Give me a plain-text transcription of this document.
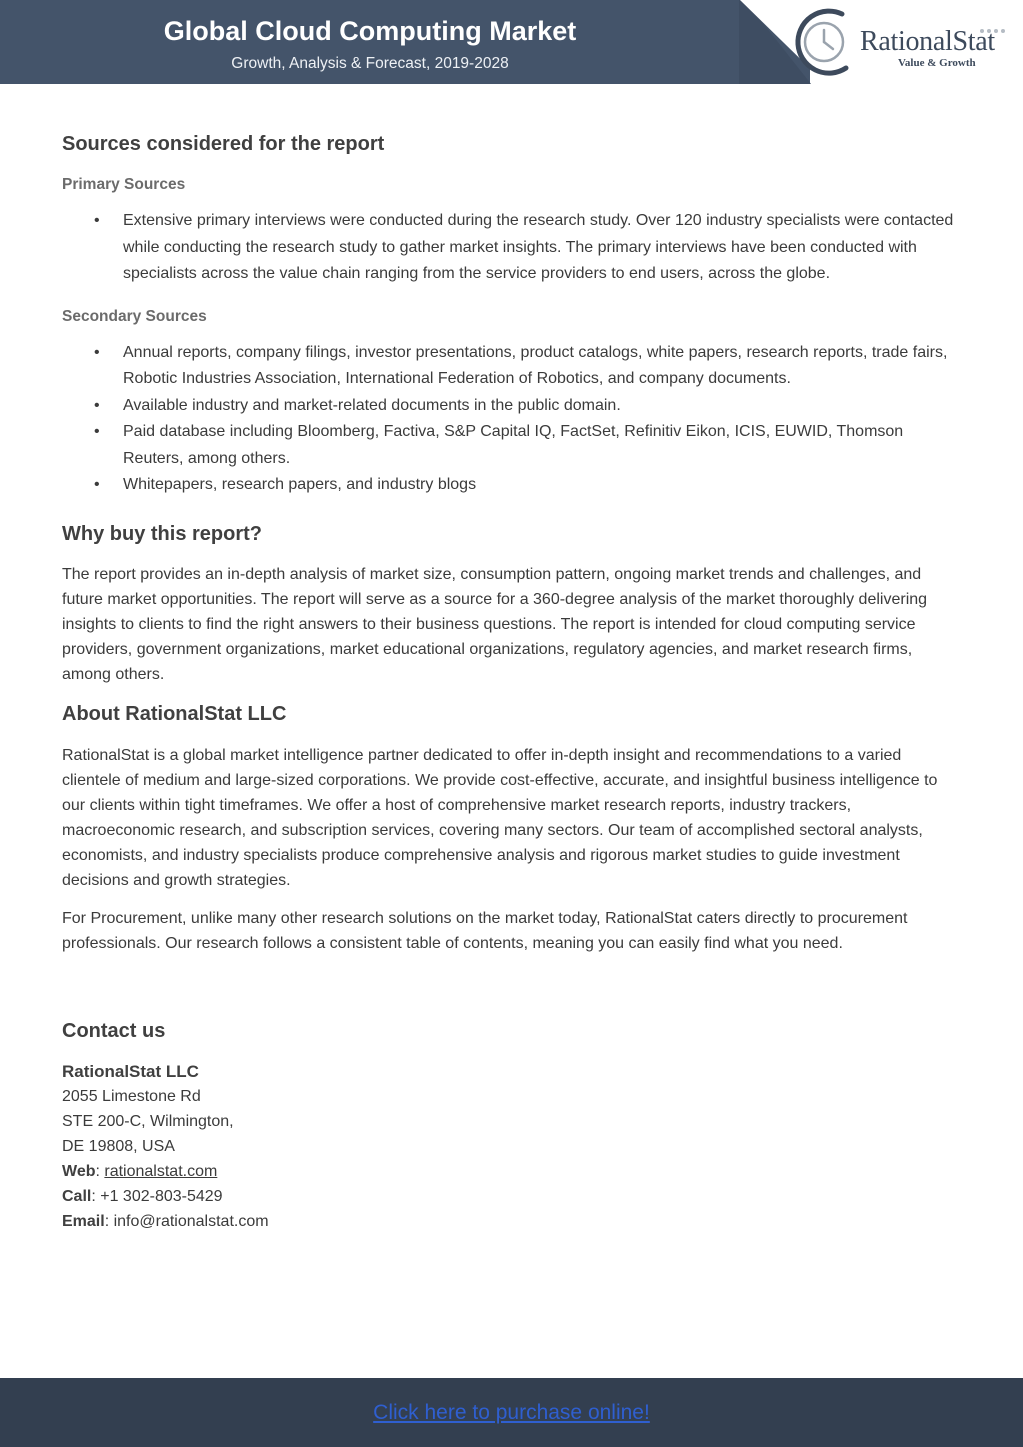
Global Cloud Computing Market
Growth, Analysis & Forecast, 2019-2028
RationalStat
Value & Growth
Sources considered for the report
Primary Sources
• Extensive primary interviews were conducted during the research study. Over 120 industry specialists were contacted while conducting the research study to gather market insights. The primary interviews have been conducted with specialists across the value chain ranging from the service providers to end users, across the globe.
Secondary Sources
• Annual reports, company filings, investor presentations, product catalogs, white papers, research reports, trade fairs, Robotic Industries Association, International Federation of Robotics, and company documents.
• Available industry and market-related documents in the public domain.
• Paid database including Bloomberg, Factiva, S&P Capital IQ, FactSet, Refinitiv Eikon, ICIS, EUWID, Thomson Reuters, among others.
• Whitepapers, research papers, and industry blogs
Why buy this report?

The report provides an in-depth analysis of market size, consumption pattern, ongoing market trends and challenges, and future market opportunities. The report will serve as a source for a 360-degree analysis of the market thoroughly delivering insights to clients to find the right answers to their business questions. The report is intended for cloud computing service providers, government organizations, market educational organizations, regulatory agencies, and market research firms, among others.

About RationalStat LLC

RationalStat is a global market intelligence partner dedicated to offer in-depth insight and recommendations to a varied clientele of medium and large-sized corporations. We provide cost-effective, accurate, and insightful business intelligence to our clients within tight timeframes. We offer a host of comprehensive market research reports, industry trackers, macroeconomic research, and subscription services, covering many sectors. Our team of accomplished sectoral analysts, economists, and industry specialists produce comprehensive analysis and rigorous market studies to guide investment decisions and growth strategies.

For Procurement, unlike many other research solutions on the market today, RationalStat caters directly to procurement professionals. Our research follows a consistent table of contents, meaning you can easily find what you need.

Contact us
RationalStat LLC
2055 Limestone Rd
STE 200-C, Wilmington,
DE 19808, USA
Web: rationalstat.com
Call: +1 302-803-5429
Email: info@rationalstat.com
Click here to purchase online!
